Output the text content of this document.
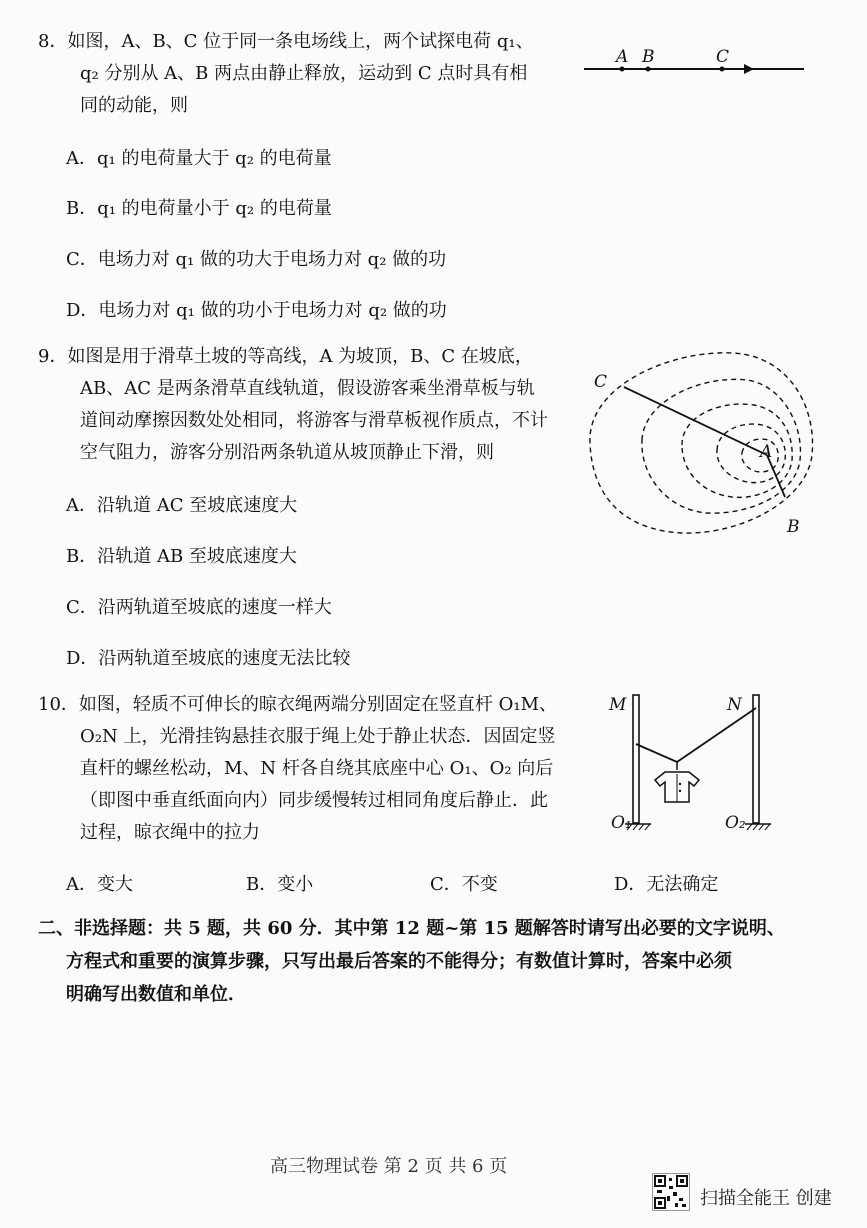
8．如图，A、B、C 位于同一条电场线上，两个试探电荷 q₁、
q₂ 分别从 A、B 两点由静止释放，运动到 C 点时具有相
同的动能，则
A．q₁ 的电荷量大于 q₂ 的电荷量
B．q₁ 的电荷量小于 q₂ 的电荷量
C．电场力对 q₁ 做的功大于电场力对 q₂ 做的功
D．电场力对 q₁ 做的功小于电场力对 q₂ 做的功
A B	C
9．如图是用于滑草土坡的等高线，A 为坡顶，B、C 在坡底，
AB、AC 是两条滑草直线轨道，假设游客乘坐滑草板与轨
道间动摩擦因数处处相同，将游客与滑草板视作质点，不计
空气阻力，游客分别沿两条轨道从坡顶静止下滑，则
A．沿轨道 AC 至坡底速度大
B．沿轨道 AB 至坡底速度大
C．沿两轨道至坡底的速度一样大
D．沿两轨道至坡底的速度无法比较
C
A
B
10．如图，轻质不可伸长的晾衣绳两端分别固定在竖直杆 O₁M、
O₂N 上，光滑挂钩悬挂衣服于绳上处于静止状态．因固定竖
直杆的螺丝松动，M、N 杆各自绕其底座中心 O₁、O₂ 向后
（即图中垂直纸面向内）同步缓慢转过相同角度后静止．此
过程，晾衣绳中的拉力
A．变大	B．变小	C．不变	D．无法确定
M	N
O₁	O₂
二、非选择题：共 5 题，共 60 分．其中第 12 题~第 15 题解答时请写出必要的文字说明、
方程式和重要的演算步骤，只写出最后答案的不能得分；有数值计算时，答案中必须
明确写出数值和单位．
高三物理试卷 第 2 页 共 6 页
扫描全能王 创建
